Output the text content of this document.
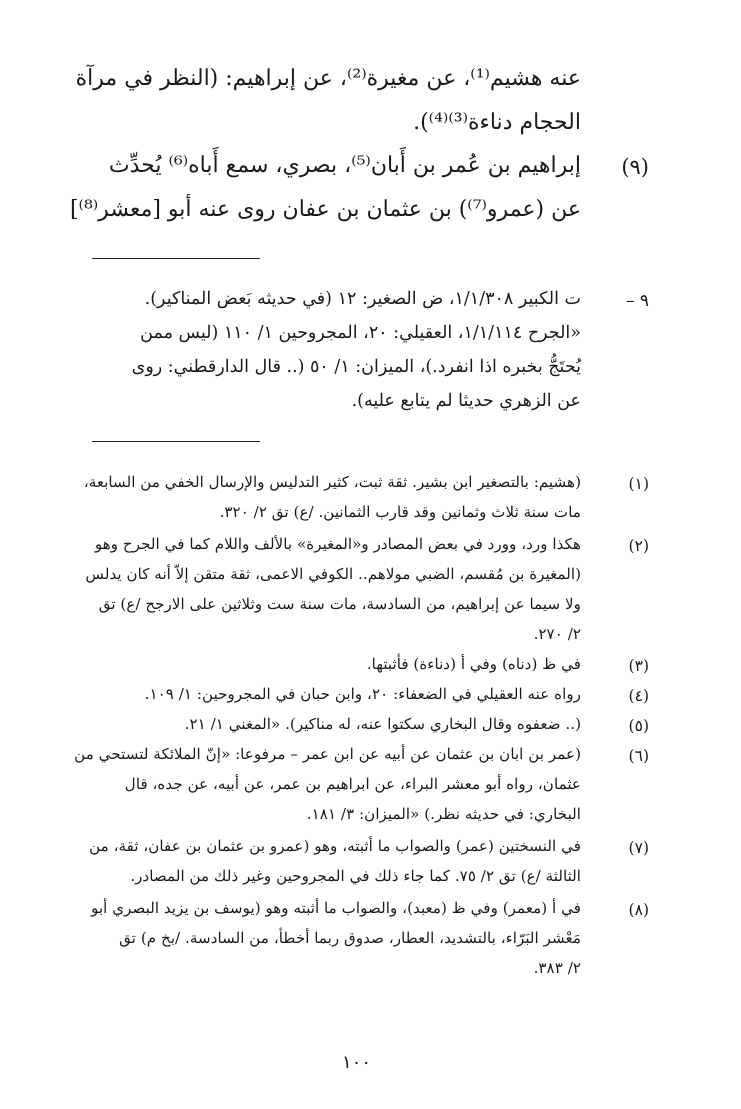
عنه هشيم⁽¹⁾، عن مغيرة⁽²⁾، عن إبراهيم: (النظر في مرآة
الحجام دناءة⁽³⁾⁽⁴⁾).
(٩)
إبراهيم بن عُمر بن أَبان⁽⁵⁾، بصري، سمع أَباه⁽⁶⁾ يُحدِّث
عن (عمرو⁽⁷⁾) بن عثمان بن عفان روى عنه أبو [معشر⁽⁸⁾]
٩ –
ت الكبير ١/١/٣٠٨، ض الصغير: ١٢ (في حديثه بَعض المناكير).
«الجرح ١/١/١١٤، العقيلي: ٢٠، المجروحين ١/ ١١٠ (ليس ممن
يُحتَجُّ بخبره اذا انفرد.)، الميزان: ١/ ٥٠ (.. قال الدارقطني: روى
عن الزهري حديثا لم يتابع عليه).
(١)
(هشيم: بالتصغير ابن بشير. ثقة ثبت، كثير التدليس والإرسال الخفي من السابعة،
مات سنة ثلاث وثمانين وقد قارب الثمانين. /ع) تق ٢/ ٣٢٠.
(٢)
هكذا ورد، وورد في بعض المصادر و«المغيرة» بالألف واللام كما في الجرح وهو
(المغيرة بن مُقسم، الضبي مولاهم.. الكوفي الاعمى، ثقة متقن إلاّ أنه كان يدلس
ولا سيما عن إبراهيم، من السادسة، مات سنة ست وثلاثين على الارجح /ع) تق
٢/ ٢٧٠.
(٣)
في ظ (دناه) وفي أ (دناءة) فأثبتها.
(٤)
رواه عنه العقيلي في الضعفاء: ٢٠، وابن حبان في المجروحين: ١/ ١٠٩.
(٥)
(.. ضعفوه وقال البخاري سكتوا عنه، له مناكير). «المغني ١/ ٢١.
(٦)
(عمر بن ابان بن عثمان عن أبيه عن ابن عمر – مرفوعا: «إنّ الملائكة لتستحي من
عثمان، رواه أبو معشر البراء، عن ابراهيم بن عمر، عن أبيه، عن جده، قال
البخاري: في حديثه نظر.) «الميزان: ٣/ ١٨١.
(٧)
في النسختين (عمر) والصواب ما أثبته، وهو (عمرو بن عثمان بن عفان، ثقة، من
الثالثة /ع) تق ٢/ ٧٥. كما جاء ذلك في المجروحين وغير ذلك من المصادر.
(٨)
في أ (معمر) وفي ظ (معبد)، والصواب ما أثبته وهو (يوسف بن يزيد البصري أبو
مَعْشر البَرّاء، بالتشديد، العطار، صدوق ربما أخطأ، من السادسة. /بخ م) تق
٢/ ٣٨٣.
١٠٠
